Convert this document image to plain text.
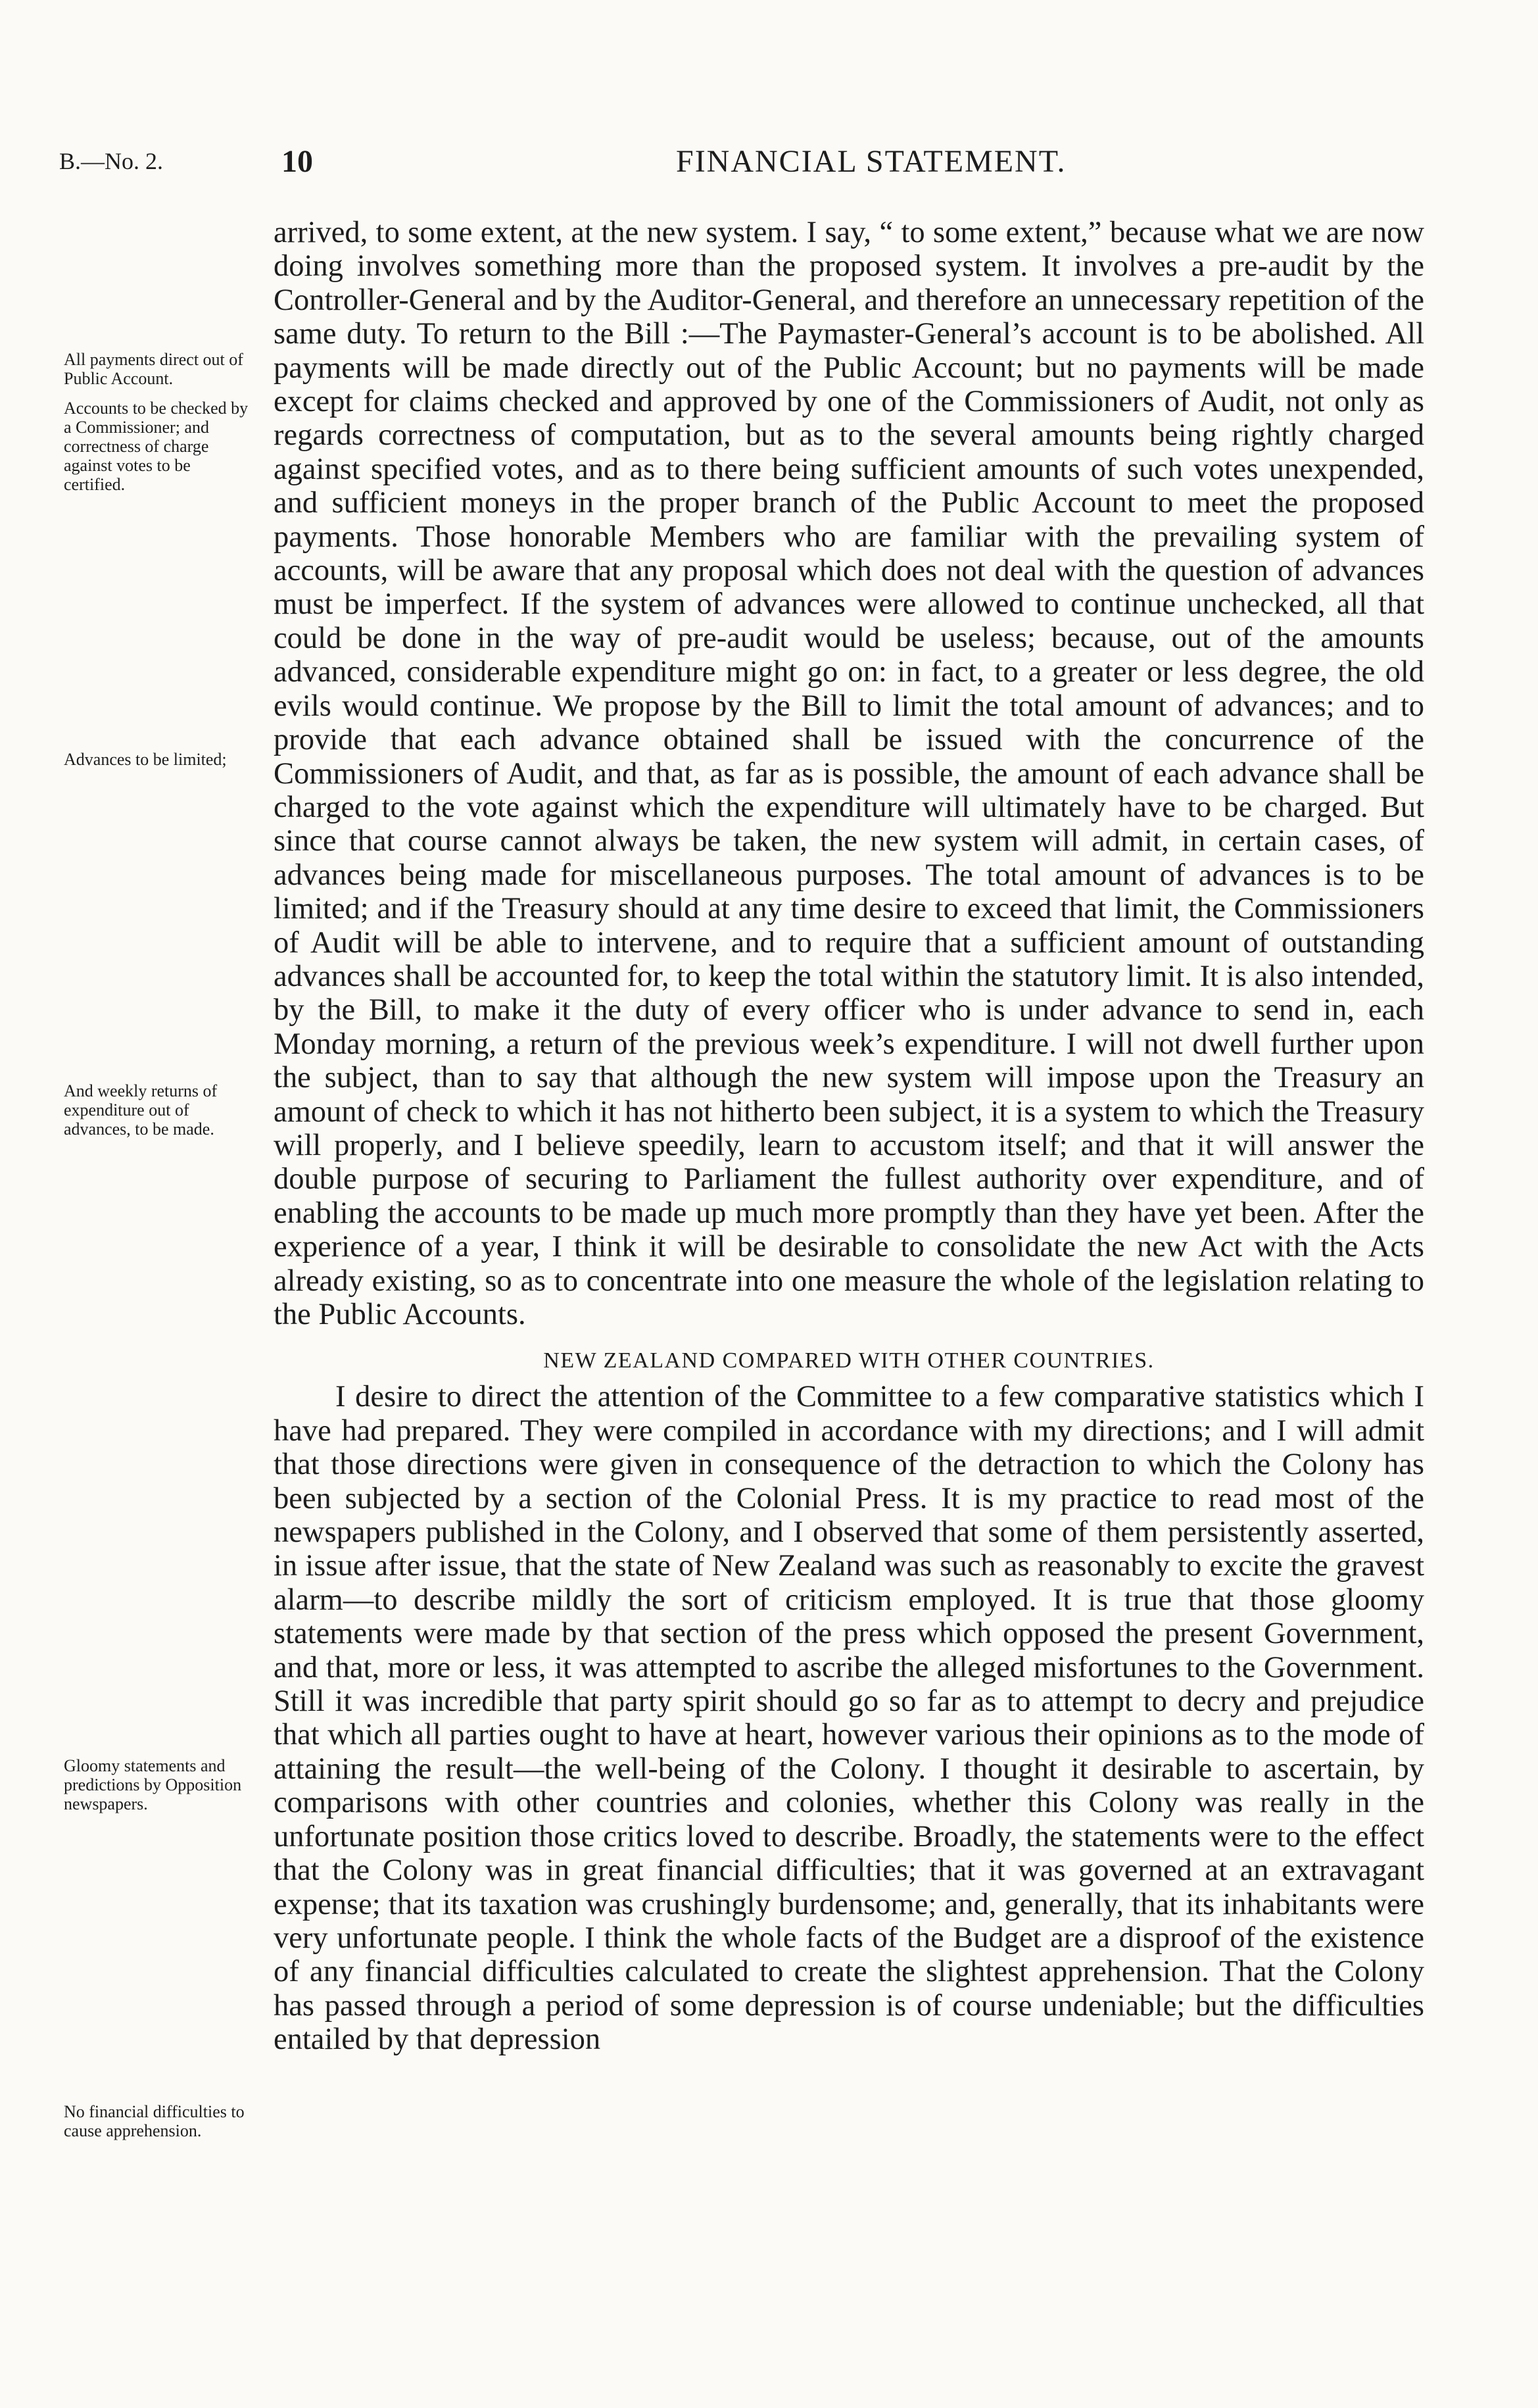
B.—No. 2.	10	FINANCIAL STATEMENT.
All payments direct out of Public Account.
Accounts to be checked by a Commissioner; and correctness of charge against votes to be certified.
Advances to be limited;
And weekly returns of expenditure out of advances, to be made.
Gloomy statements and predictions by Opposition newspapers.
No financial difficulties to cause apprehension.

arrived, to some extent, at the new system. I say, “ to some extent,” because what we are now doing involves something more than the proposed system. It involves a pre-audit by the Controller-General and by the Auditor-General, and therefore an unnecessary repetition of the same duty. To return to the Bill :—The Paymaster-General’s account is to be abolished. All payments will be made directly out of the Public Account; but no payments will be made except for claims checked and approved by one of the Commissioners of Audit, not only as regards correctness of computation, but as to the several amounts being rightly charged against specified votes, and as to there being sufficient amounts of such votes unexpended, and sufficient moneys in the proper branch of the Public Account to meet the proposed payments. Those honorable Members who are familiar with the prevailing system of accounts, will be aware that any proposal which does not deal with the question of advances must be imperfect. If the system of advances were allowed to continue unchecked, all that could be done in the way of pre-audit would be useless; because, out of the amounts advanced, considerable expenditure might go on: in fact, to a greater or less degree, the old evils would continue. We propose by the Bill to limit the total amount of advances; and to provide that each advance obtained shall be issued with the concurrence of the Commissioners of Audit, and that, as far as is possible, the amount of each advance shall be charged to the vote against which the expenditure will ultimately have to be charged. But since that course cannot always be taken, the new system will admit, in certain cases, of advances being made for miscellaneous purposes. The total amount of advances is to be limited; and if the Treasury should at any time desire to exceed that limit, the Commissioners of Audit will be able to intervene, and to require that a sufficient amount of outstanding advances shall be accounted for, to keep the total within the statutory limit. It is also intended, by the Bill, to make it the duty of every officer who is under advance to send in, each Monday morning, a return of the previous week’s expenditure. I will not dwell further upon the subject, than to say that although the new system will impose upon the Treasury an amount of check to which it has not hitherto been subject, it is a system to which the Treasury will properly, and I believe speedily, learn to accustom itself; and that it will answer the double purpose of securing to Parliament the fullest authority over expenditure, and of enabling the accounts to be made up much more promptly than they have yet been. After the experience of a year, I think it will be desirable to consolidate the new Act with the Acts already existing, so as to concentrate into one measure the whole of the legislation relating to the Public Accounts.

NEW ZEALAND COMPARED WITH OTHER COUNTRIES.

I desire to direct the attention of the Committee to a few comparative statistics which I have had prepared. They were compiled in accordance with my directions; and I will admit that those directions were given in consequence of the detraction to which the Colony has been subjected by a section of the Colonial Press. It is my practice to read most of the newspapers published in the Colony, and I observed that some of them persistently asserted, in issue after issue, that the state of New Zealand was such as reasonably to excite the gravest alarm—to describe mildly the sort of criticism employed. It is true that those gloomy statements were made by that section of the press which opposed the present Government, and that, more or less, it was attempted to ascribe the alleged misfortunes to the Government. Still it was incredible that party spirit should go so far as to attempt to decry and prejudice that which all parties ought to have at heart, however various their opinions as to the mode of attaining the result—the well-being of the Colony. I thought it desirable to ascertain, by comparisons with other countries and colonies, whether this Colony was really in the unfortunate position those critics loved to describe. Broadly, the statements were to the effect that the Colony was in great financial difficulties; that it was governed at an extravagant expense; that its taxation was crushingly burdensome; and, generally, that its inhabitants were very unfortunate people. I think the whole facts of the Budget are a disproof of the existence of any financial difficulties calculated to create the slightest apprehension. That the Colony has passed through a period of some depression is of course undeniable; but the difficulties entailed by that depression
